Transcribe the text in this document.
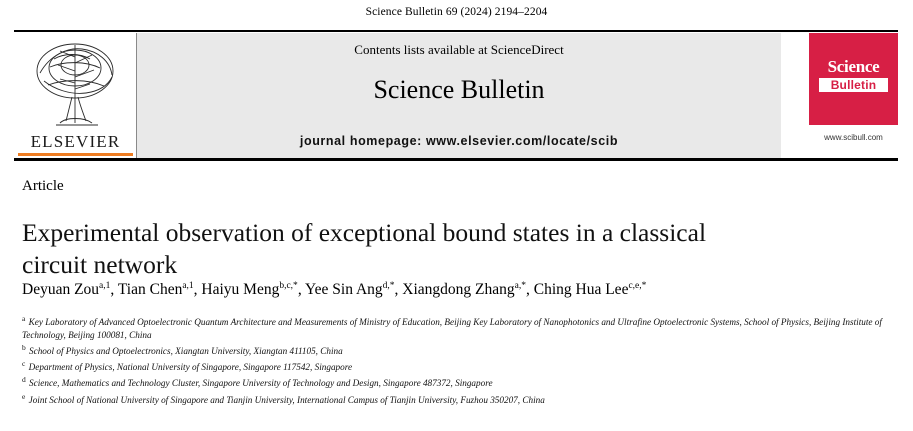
Science Bulletin 69 (2024) 2194–2204
ELSEVIER
Contents lists available at ScienceDirect
Science Bulletin
journal homepage: www.elsevier.com/locate/scib
Science
Bulletin
www.scibull.com
Article
Experimental observation of exceptional bound states in a classical circuit network
Deyuan Zou$^{a,1}$, Tian Chen$^{a,1}$, Haiyu Meng$^{b,c,*}$, Yee Sin Ang$^{d,*}$, Xiangdong Zhang$^{a,*}$, Ching Hua Lee$^{c,e,*}$
$^a$ Key Laboratory of Advanced Optoelectronic Quantum Architecture and Measurements of Ministry of Education, Beijing Key Laboratory of Nanophotonics and Ultrafine Optoelectronic Systems, School of Physics, Beijing Institute of Technology, Beijing 100081, China
$^b$ School of Physics and Optoelectronics, Xiangtan University, Xiangtan 411105, China
$^c$ Department of Physics, National University of Singapore, Singapore 117542, Singapore
$^d$ Science, Mathematics and Technology Cluster, Singapore University of Technology and Design, Singapore 487372, Singapore
$^e$ Joint School of National University of Singapore and Tianjin University, International Campus of Tianjin University, Fuzhou 350207, China
